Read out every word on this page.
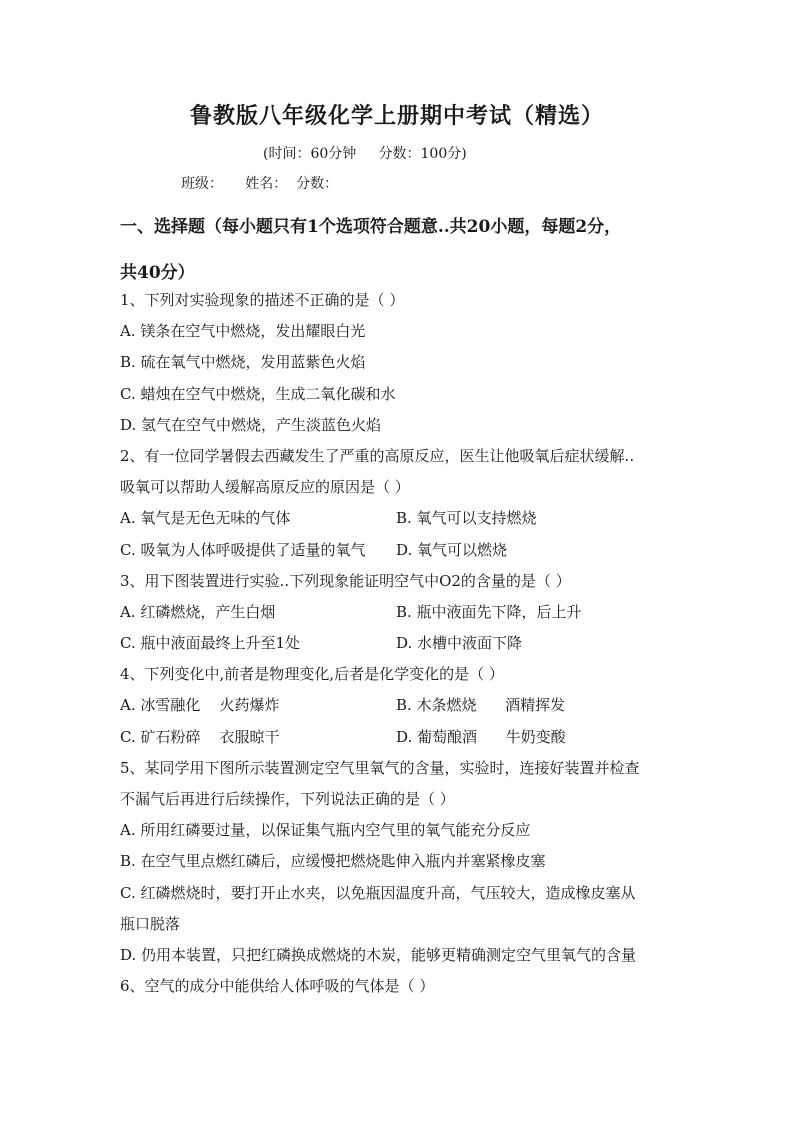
鲁教版八年级化学上册期中考试（精选）
(时间：60分钟     分数：100分)
班级：     姓名：  分数：
一、选择题（每小题只有1个选项符合题意..共20小题，每题2分，
共40分）
1、下列对实验现象的描述不正确的是（ ）
A. 镁条在空气中燃烧，发出耀眼白光
B. 硫在氧气中燃烧，发用蓝紫色火焰
C. 蜡烛在空气中燃烧，生成二氧化碳和水
D. 氢气在空气中燃烧，产生淡蓝色火焰
2、有一位同学暑假去西藏发生了严重的高原反应，医生让他吸氧后症状缓解..
吸氧可以帮助人缓解高原反应的原因是（ ）
A. 氧气是无色无味的气体	B. 氧气可以支持燃烧
C. 吸氧为人体呼吸提供了适量的氧气 D. 氧气可以燃烧
3、用下图装置进行实验..下列现象能证明空气中O2的含量的是（ ）
A. 红磷燃烧，产生白烟	B. 瓶中液面先下降，后上升
C. 瓶中液面最终上升至1处	D. 水槽中液面下降
4、下列变化中,前者是物理变化,后者是化学变化的是（ ）
A. 冰雪融化    火药爆炸	B. 木条燃烧      酒精挥发
C. 矿石粉碎    衣服晾干	D. 葡萄酿酒      牛奶变酸
5、某同学用下图所示装置测定空气里氧气的含量，实验时，连接好装置并检查
不漏气后再进行后续操作，下列说法正确的是（ ）
A. 所用红磷要过量，以保证集气瓶内空气里的氧气能充分反应
B. 在空气里点燃红磷后，应缓慢把燃烧匙伸入瓶内并塞紧橡皮塞
C. 红磷燃烧时，要打开止水夹，以免瓶因温度升高，气压较大，造成橡皮塞从
瓶口脱落
D. 仍用本装置，只把红磷换成燃烧的木炭，能够更精确测定空气里氧气的含量
6、空气的成分中能供给人体呼吸的气体是（ ）
